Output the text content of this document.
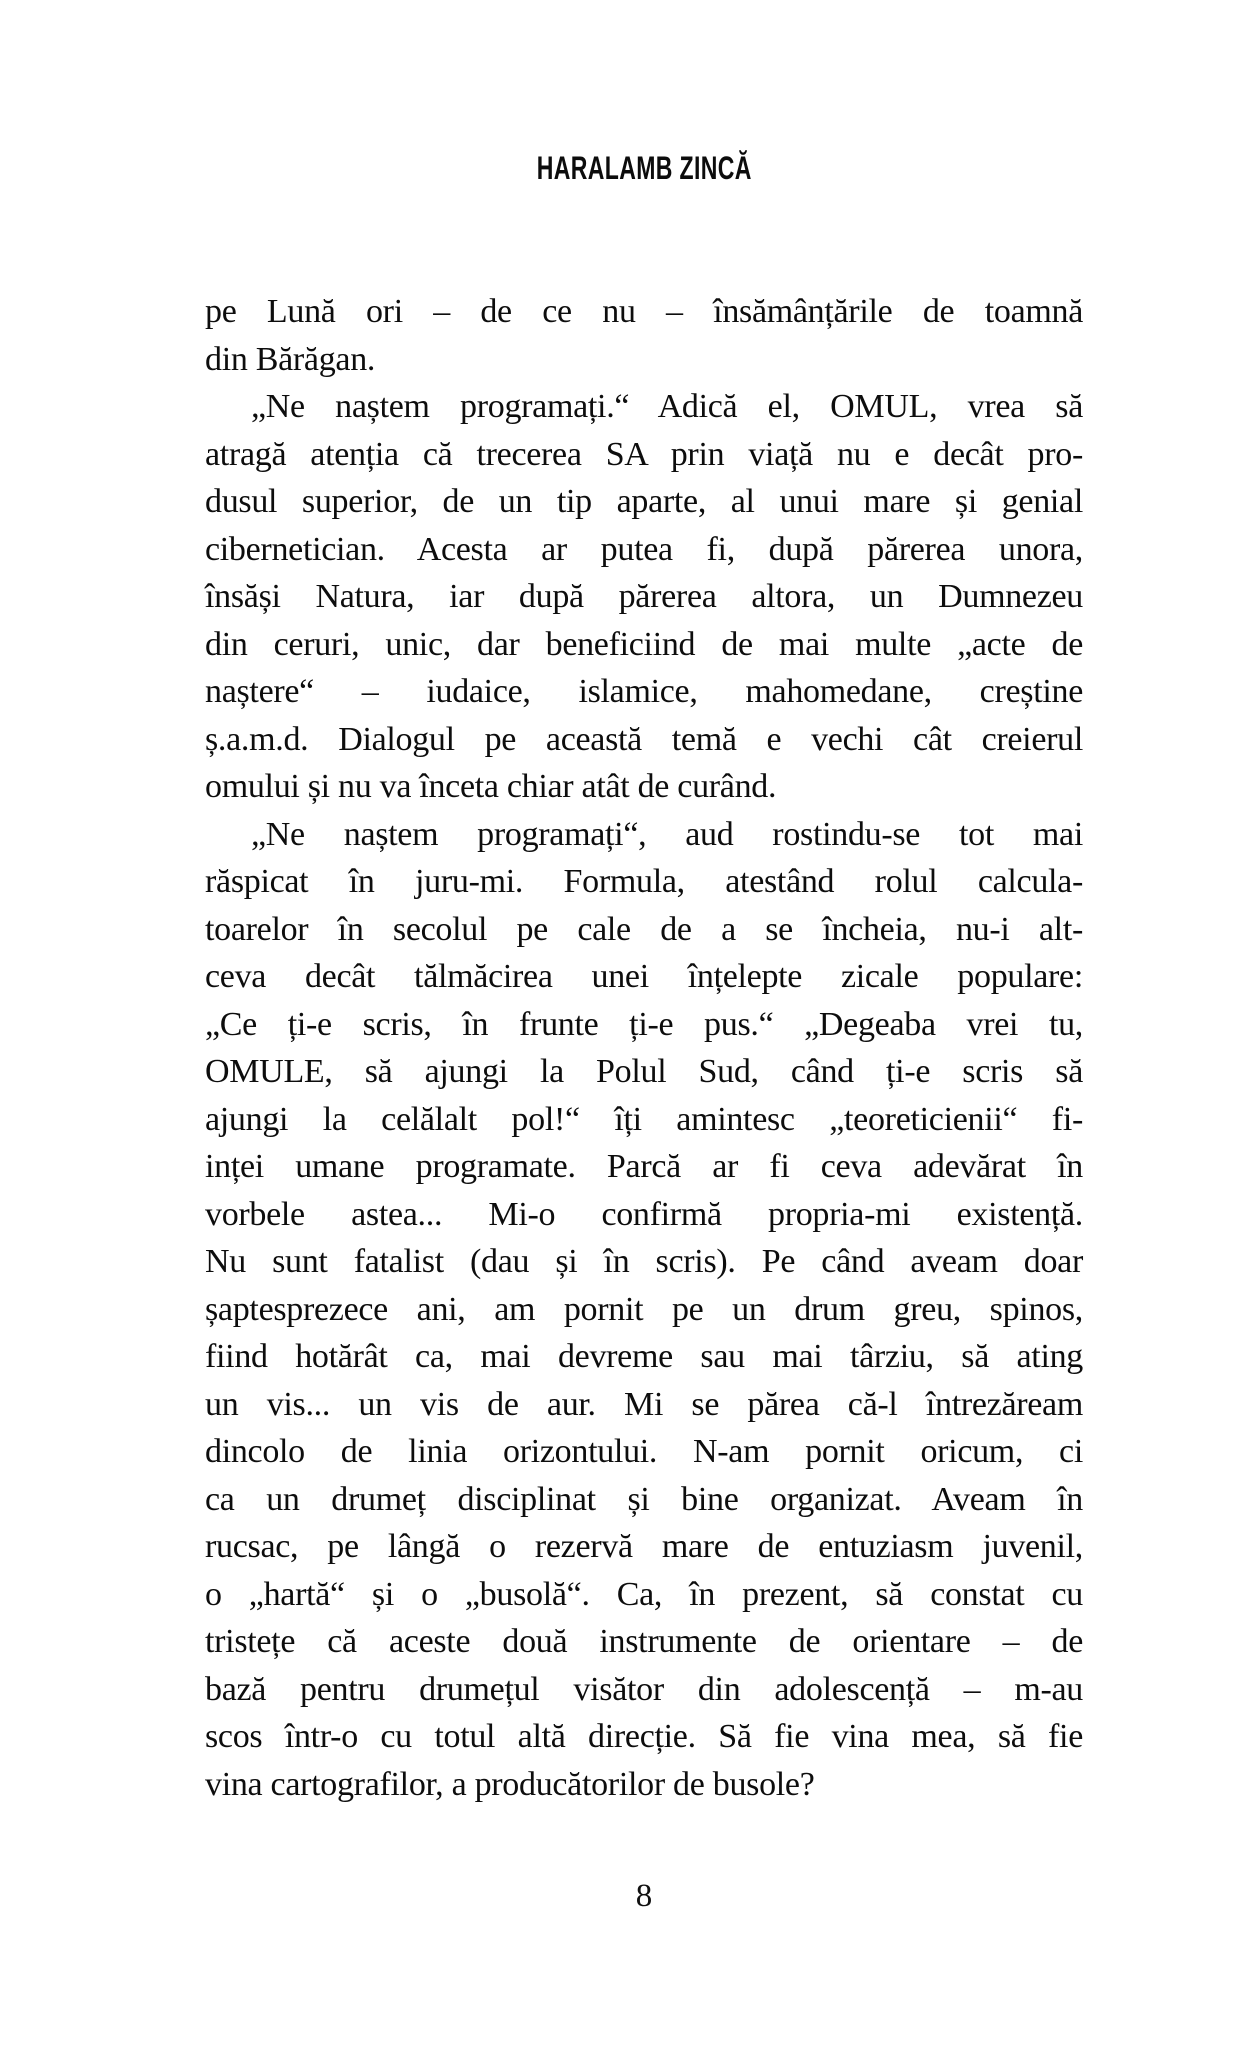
HARALAMB ZINCĂ
pe Lună ori – de ce nu – însămânțările de toamnă
din Bărăgan.
„Ne naștem programați.“ Adică el, OMUL, vrea să
atragă atenția că trecerea SA prin viață nu e decât pro-
dusul superior, de un tip aparte, al unui mare și genial
cibernetician. Acesta ar putea fi, după părerea unora,
însăși Natura, iar după părerea altora, un Dumnezeu
din ceruri, unic, dar beneficiind de mai multe „acte de
naștere“ – iudaice, islamice, mahomedane, creștine
ș.a.m.d. Dialogul pe această temă e vechi cât creierul
omului și nu va înceta chiar atât de curând.
„Ne naștem programați“, aud rostindu-se tot mai
răspicat în juru-mi. Formula, atestând rolul calcula-
toarelor în secolul pe cale de a se încheia, nu-i alt-
ceva decât tălmăcirea unei înțelepte zicale populare:
„Ce ți-e scris, în frunte ți-e pus.“ „Degeaba vrei tu,
OMULE, să ajungi la Polul Sud, când ți-e scris să
ajungi la celălalt pol!“ îți amintesc „teoreticienii“ fi-
inței umane programate. Parcă ar fi ceva adevărat în
vorbele astea... Mi-o confirmă propria-mi existență.
Nu sunt fatalist (dau și în scris). Pe când aveam doar
șaptesprezece ani, am pornit pe un drum greu, spinos,
fiind hotărât ca, mai devreme sau mai târziu, să ating
un vis... un vis de aur. Mi se părea că-l întrezăream
dincolo de linia orizontului. N-am pornit oricum, ci
ca un drumeț disciplinat și bine organizat. Aveam în
rucsac, pe lângă o rezervă mare de entuziasm juvenil,
o „hartă“ și o „busolă“. Ca, în prezent, să constat cu
tristețe că aceste două instrumente de orientare – de
bază pentru drumețul visător din adolescență – m-au
scos într-o cu totul altă direcție. Să fie vina mea, să fie
vina cartografilor, a producătorilor de busole?
8
